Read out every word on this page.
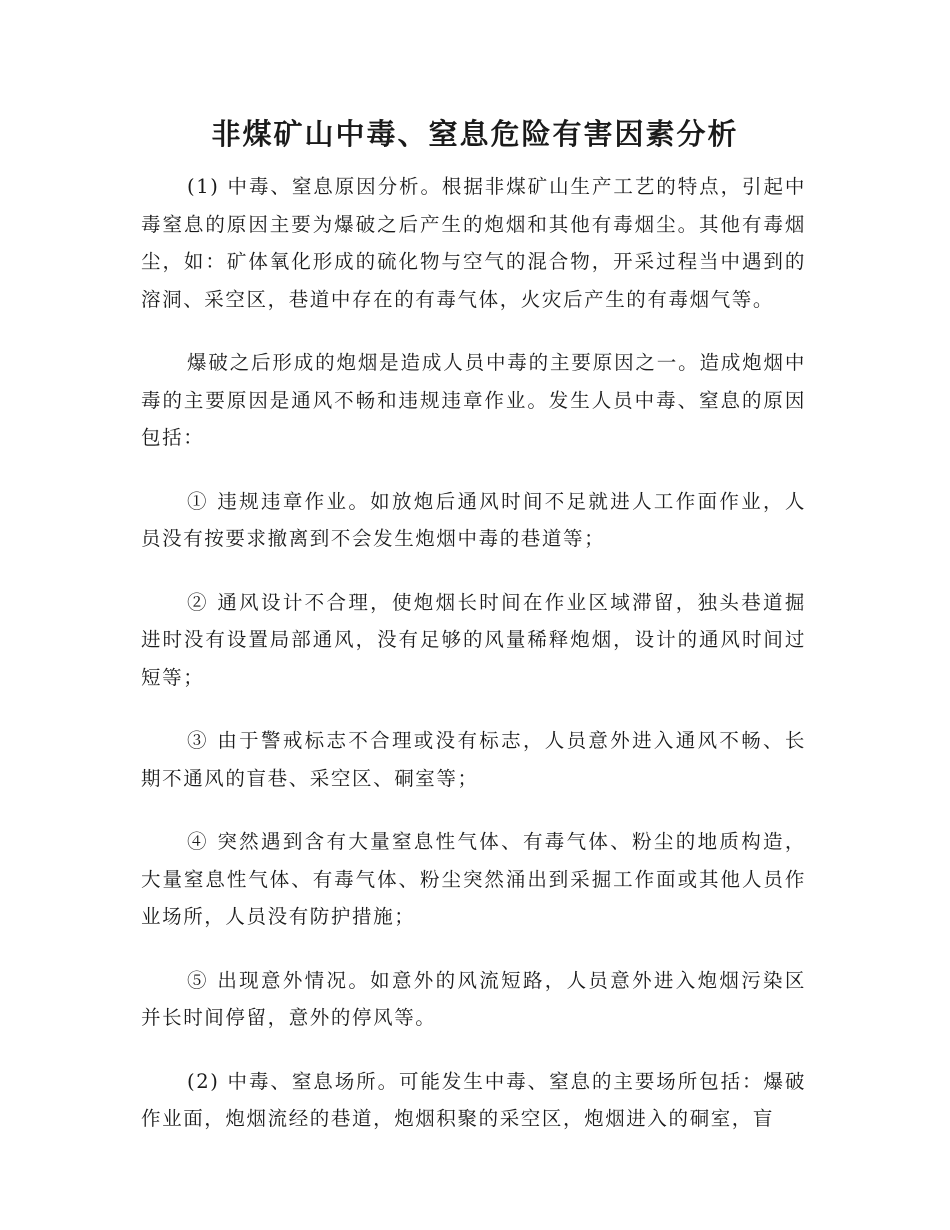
非煤矿山中毒、窒息危险有害因素分析

(1) 中毒、窒息原因分析。根据非煤矿山生产工艺的特点，引起中毒窒息的原因主要为爆破之后产生的炮烟和其他有毒烟尘。其他有毒烟尘，如：矿体氧化形成的硫化物与空气的混合物，开采过程当中遇到的溶洞、采空区，巷道中存在的有毒气体，火灾后产生的有毒烟气等。

爆破之后形成的炮烟是造成人员中毒的主要原因之一。造成炮烟中毒的主要原因是通风不畅和违规违章作业。发生人员中毒、窒息的原因包括：

① 违规违章作业。如放炮后通风时间不足就进人工作面作业，人员没有按要求撤离到不会发生炮烟中毒的巷道等；

② 通风设计不合理，使炮烟长时间在作业区域滞留，独头巷道掘进时没有设置局部通风，没有足够的风量稀释炮烟，设计的通风时间过短等；

③ 由于警戒标志不合理或没有标志，人员意外进入通风不畅、长期不通风的盲巷、采空区、硐室等；

④ 突然遇到含有大量窒息性气体、有毒气体、粉尘的地质构造，大量窒息性气体、有毒气体、粉尘突然涌出到采掘工作面或其他人员作业场所，人员没有防护措施；

⑤ 出现意外情况。如意外的风流短路，人员意外进入炮烟污染区并长时间停留，意外的停风等。

(2) 中毒、窒息场所。可能发生中毒、窒息的主要场所包括：爆破作业面，炮烟流经的巷道，炮烟积聚的采空区，炮烟进入的硐室，盲
